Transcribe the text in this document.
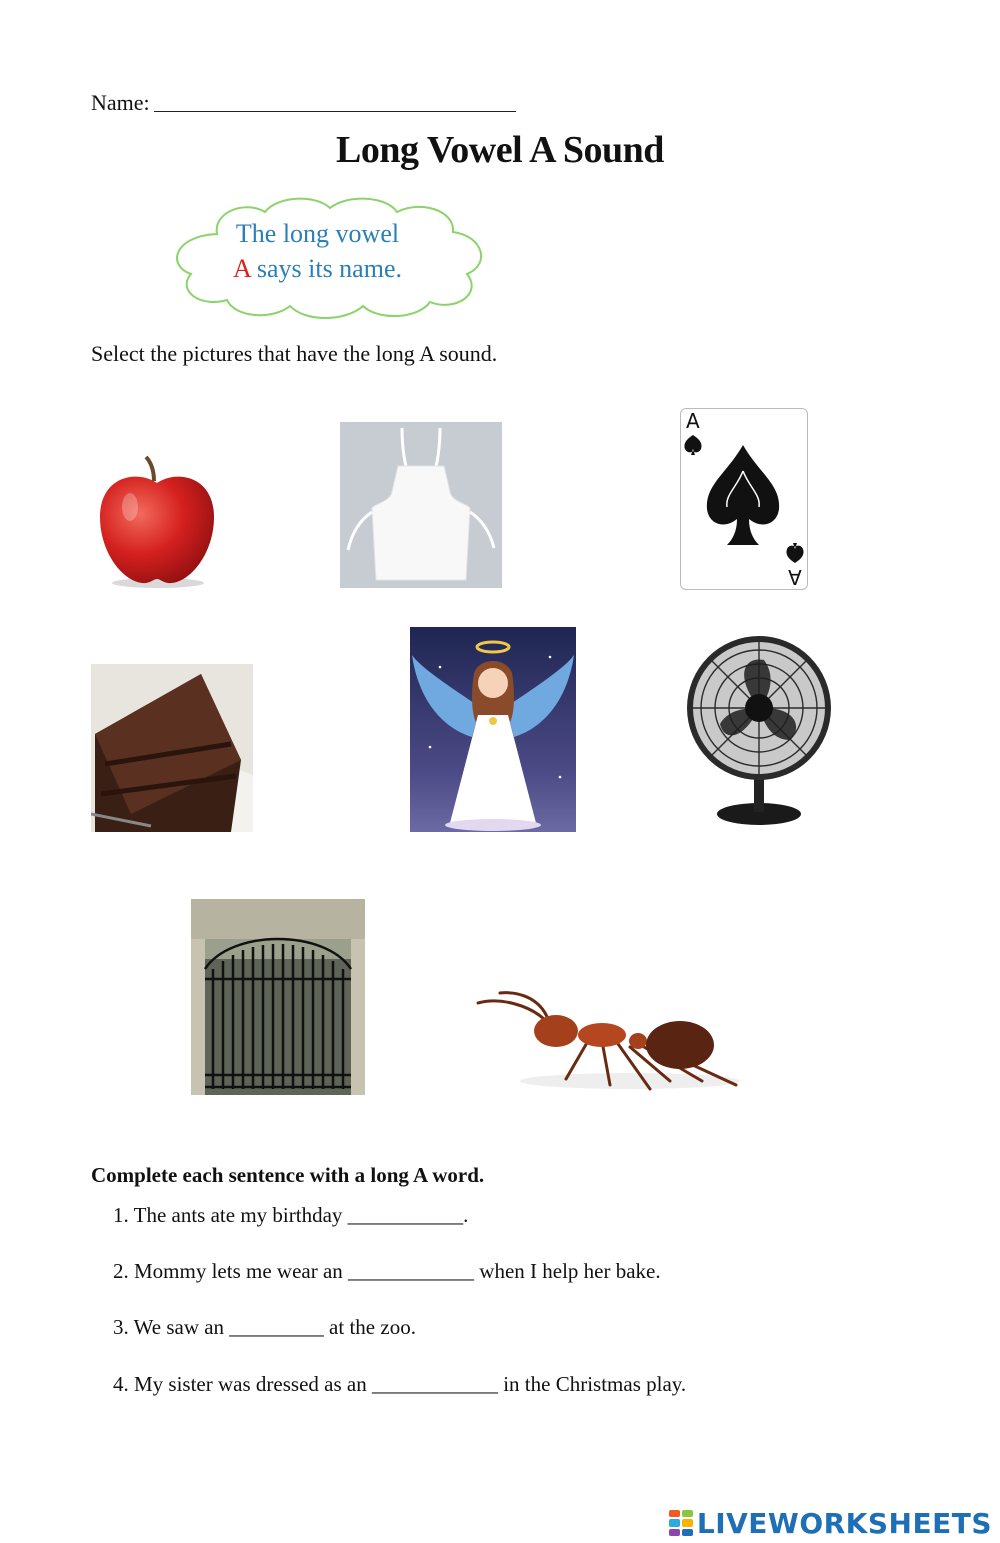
Name:
Long Vowel A Sound
The long vowel
A says its name.
Select the pictures that have the long A sound.
A
A
Complete each sentence with a long A word.
1. The ants ate my birthday ___________.
2. Mommy lets me wear an ____________ when I help her bake.
3. We saw an _________ at the zoo.
4. My sister was dressed as an ____________ in the Christmas play.
LIVEWORKSHEETS
